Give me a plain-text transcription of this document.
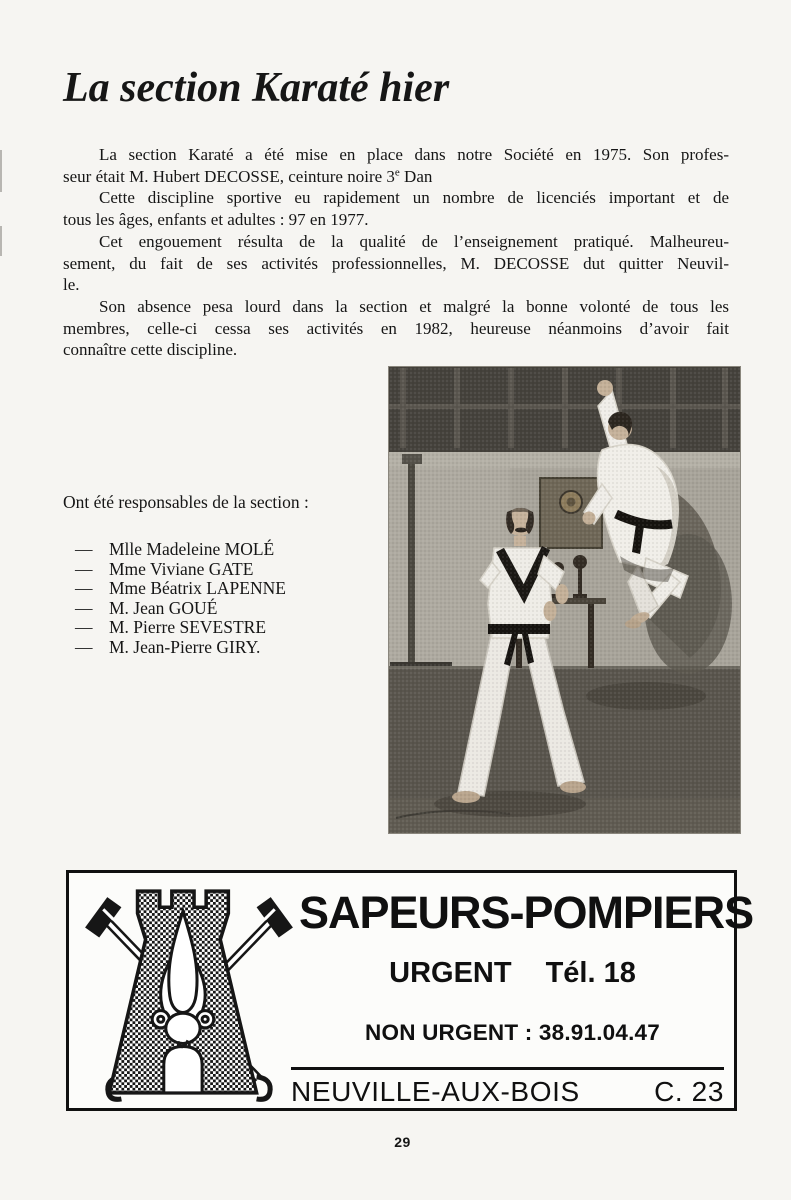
La section Karaté hier
La section Karaté a été mise en place dans notre Société en 1975. Son profes-
seur était M. Hubert DECOSSE, ceinture noire 3e Dan
Cette discipline sportive eu rapidement un nombre de licenciés important et de
tous les âges, enfants et adultes : 97 en 1977.
Cet engouement résulta de la qualité de l’enseignement pratiqué. Malheureu-
sement, du fait de ses activités professionnelles, M. DECOSSE dut quitter Neuvil-
le.
Son absence pesa lourd dans la section et malgré la bonne volonté de tous les
membres, celle-ci cessa ses activités en 1982, heureuse néanmoins d’avoir fait
connaître cette discipline.

Ont été responsables de la section :

— Mlle Madeleine MOLÉ
— Mme Viviane GATE
— Mme Béatrix LAPENNE
— M. Jean GOUÉ
— M. Pierre SEVESTRE
— M. Jean-Pierre GIRY.
SAPEURS-POMPIERS
URGENT Tél. 18
NON URGENT : 38.91.04.47
NEUVILLE-AUX-BOIS	C. 23
29
